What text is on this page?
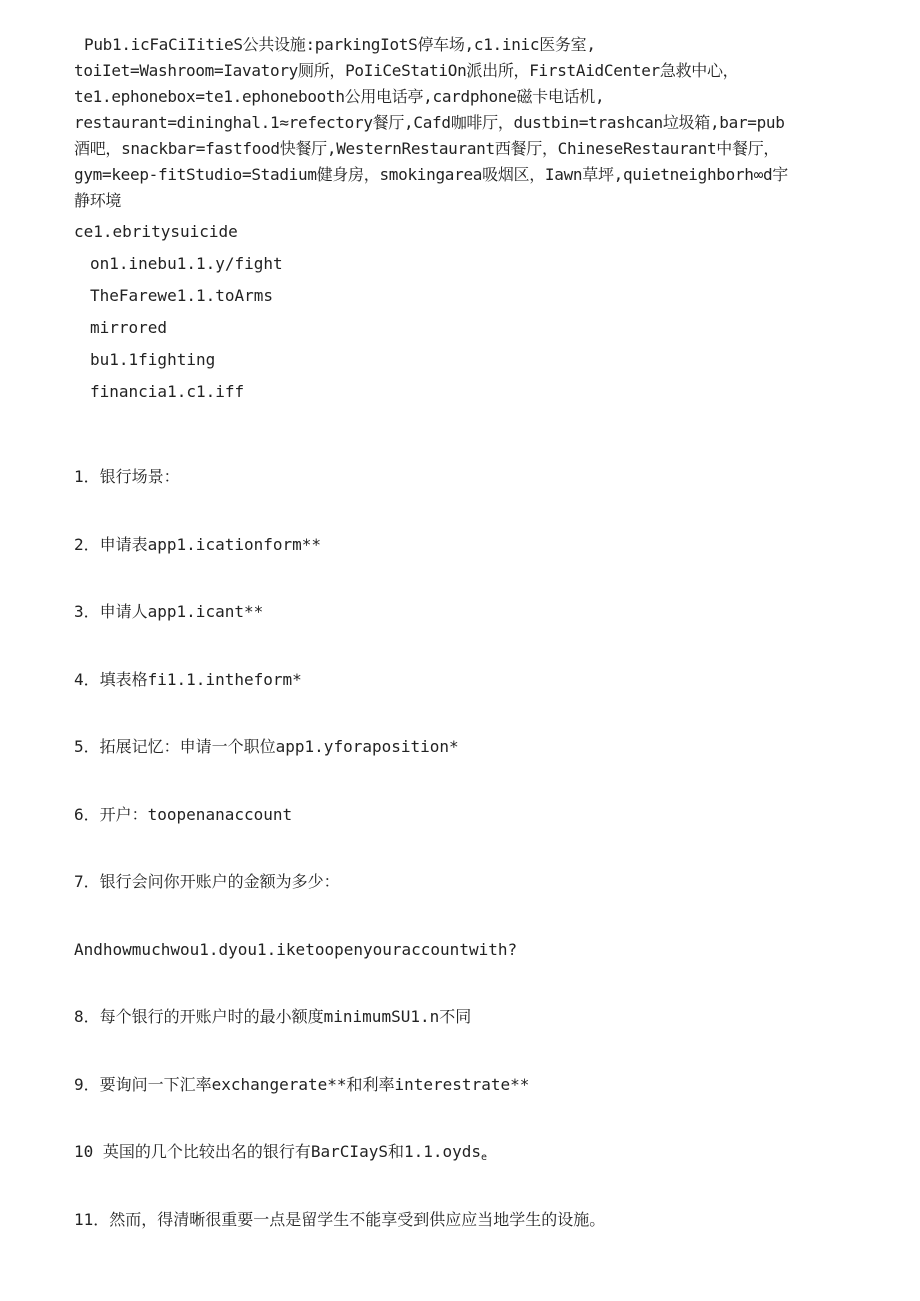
Pub1.icFaCiIitieS公共设施:parkingIotS停车场,c1.inic医务室,

toiIet=Washroom=Iavatory厕所，PoIiCeStatiOn派出所，FirstAidCenter急救中心，

te1.ephonebox=te1.ephonebooth公用电话亭,cardphone磁卡电话机,

restaurant=dininghal.1≈refectory餐厅,Cafd咖啡厅，dustbin=trashcan垃圾箱,bar=pub

酒吧，snackbar=fastfood快餐厅,WesternRestaurant西餐厅，ChineseRestaurant中餐厅，

gym=keep-fitStudio=Stadium健身房，smokingarea吸烟区，Iawn草坪,quietneighborh∞d宇

静环境

ce1.ebritysuicide
on1.inebu1.1.y/fight
TheFarewe1.1.toArms
mirrored
bu1.1fighting
financia1.c1.iff
1．银行场景：
2．申请表app1.icationform**
3．申请人app1.icant**
4．填表格fi1.1.intheform*
5．拓展记忆：申请一个职位app1.yforaposition*
6．开户：toopenanaccount
7．银行会问你开账户的金额为多少：
Andhowmuchwou1.dyou1.iketoopenyouraccountwith?
8．每个银行的开账户时的最小额度minimumSU1.n不同
9．要询问一下汇率exchangerate**和利率interestrate**
10 英国的几个比较出名的银行有BarCIayS和1.1.oydse
11．然而，得清晰很重要一点是留学生不能享受到供应应当地学生的设施。
